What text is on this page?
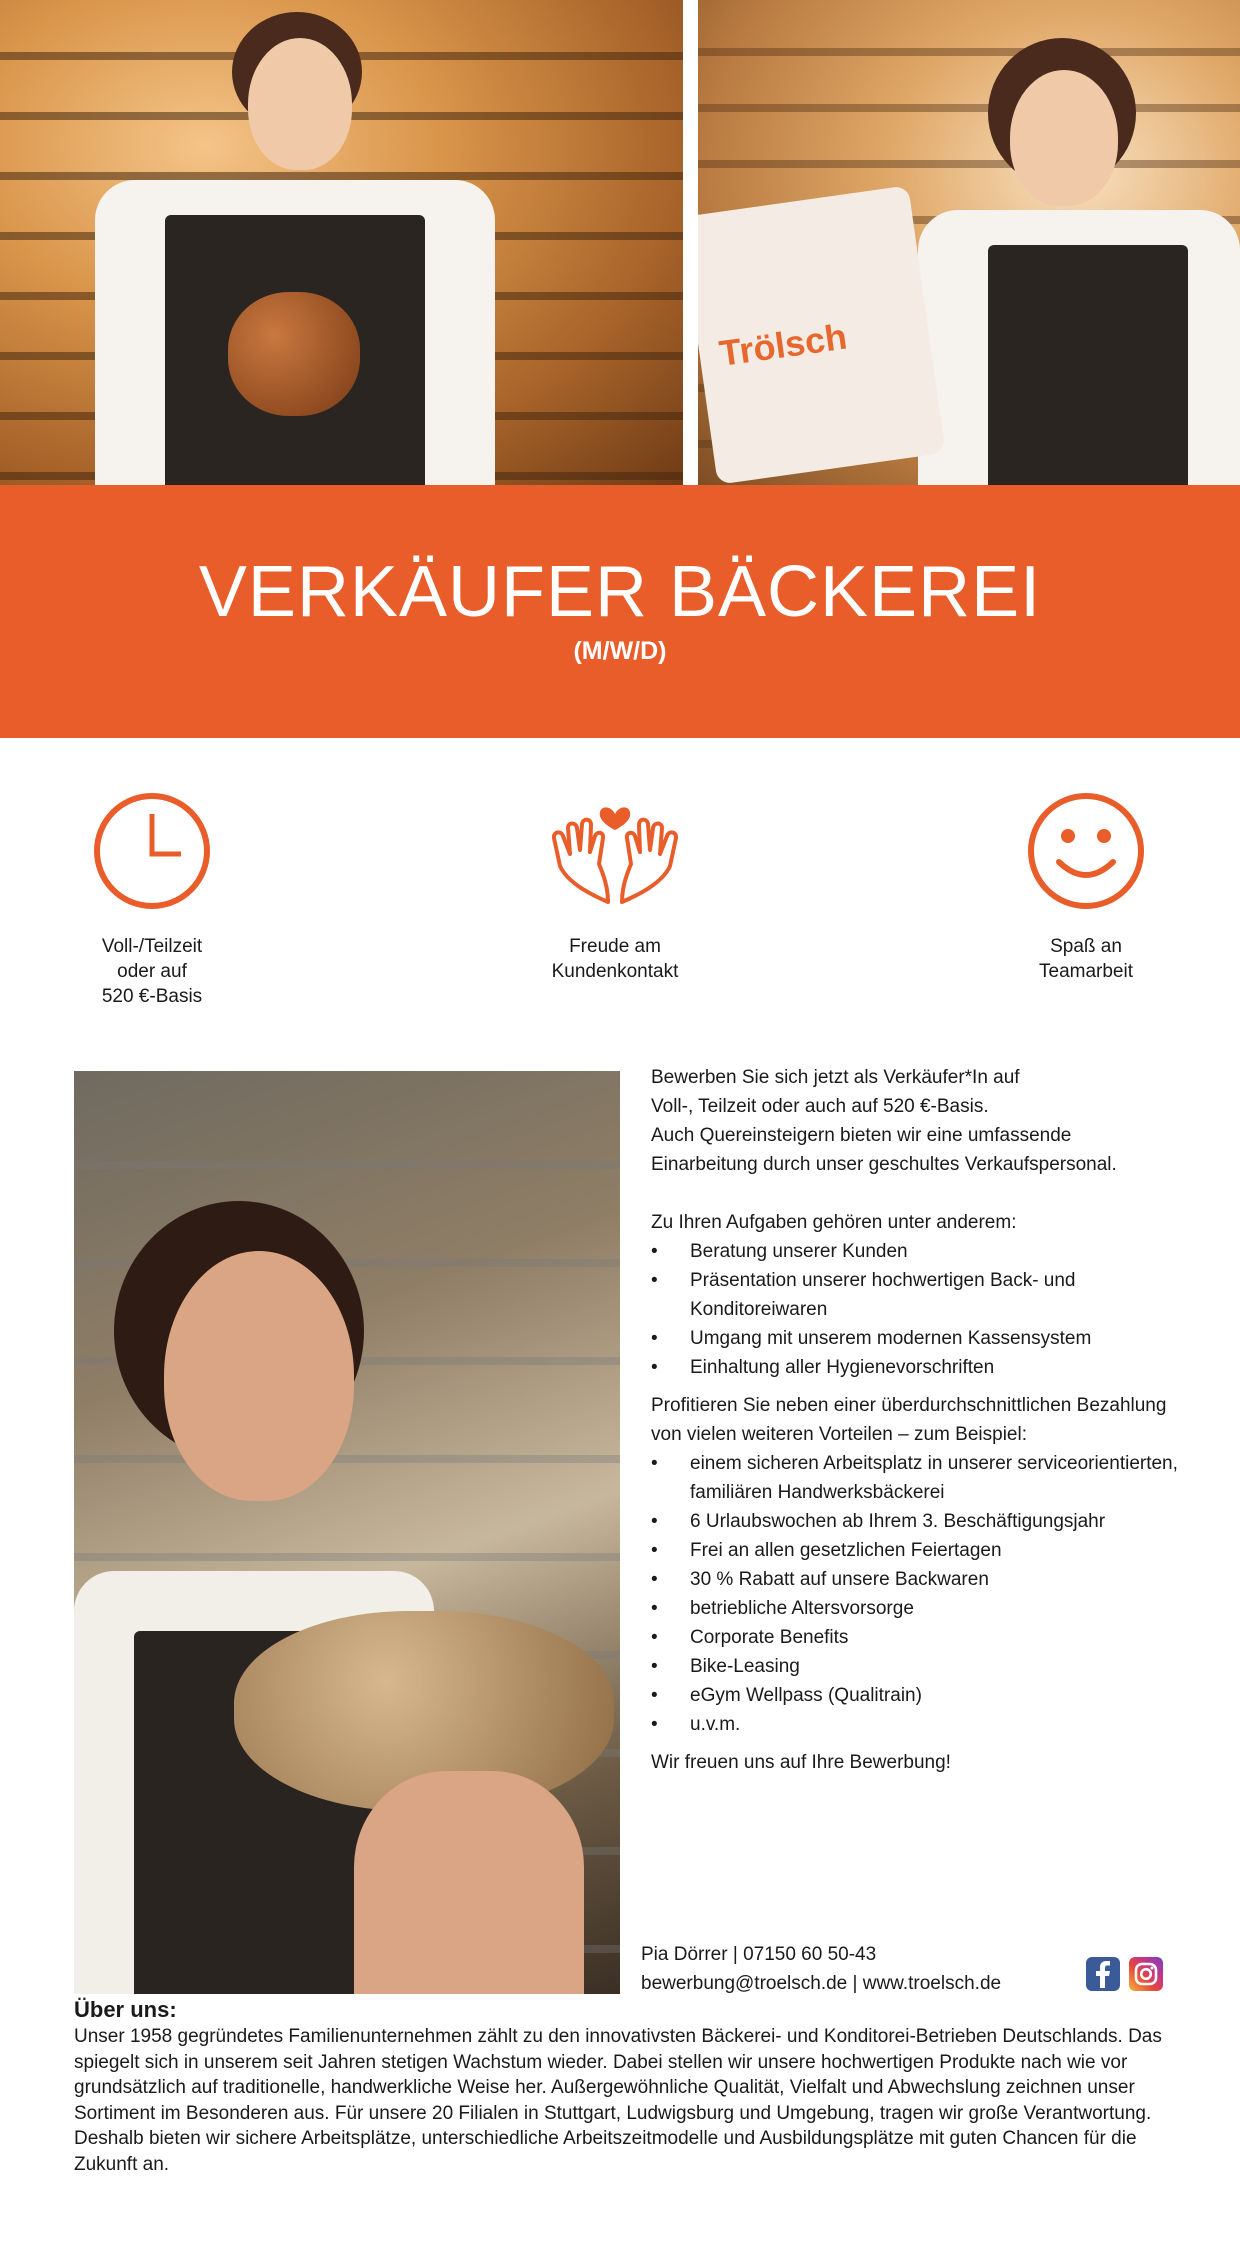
Trölsch
VERKÄUFER BÄCKEREI
(M/W/D)
Voll-/Teilzeit
oder auf
520 €-Basis
Freude am
Kundenkontakt
Spaß an
Teamarbeit

Bewerben Sie sich jetzt als Verkäufer*In auf

Voll-, Teilzeit oder auch auf 520 €-Basis.

Auch Quereinsteigern bieten wir eine umfassende

Einarbeitung durch unser geschultes Verkaufspersonal.

Zu Ihren Aufgaben gehören unter anderem:

• Beratung unserer Kunden
• Präsentation unserer hochwertigen Back- und Konditoreiwaren
• Umgang mit unserem modernen Kassensystem
• Einhaltung aller Hygienevorschriften

Profitieren Sie neben einer überdurchschnittlichen Bezahlung von vielen weiteren Vorteilen – zum Beispiel:

• einem sicheren Arbeitsplatz in unserer serviceorientierten, familiären Handwerksbäckerei
• 6 Urlaubswochen ab Ihrem 3. Beschäftigungsjahr
• Frei an allen gesetzlichen Feiertagen
• 30 % Rabatt auf unsere Backwaren
• betriebliche Altersvorsorge
• Corporate Benefits
• Bike-Leasing
• eGym Wellpass (Qualitrain)
• u.v.m.

Wir freuen uns auf Ihre Bewerbung!

Pia Dörrer | 07150 60 50-43
bewerbung@troelsch.de | www.troelsch.de
Über uns:
Unser 1958 gegründetes Familienunternehmen zählt zu den innovativsten Bäckerei- und Konditorei-Betrieben Deutschlands. Das spiegelt sich in unserem seit Jahren stetigen Wachstum wieder. Dabei stellen wir unsere hochwertigen Produkte nach wie vor grundsätzlich auf traditionelle, handwerkliche Weise her. Außergewöhnliche Qualität, Vielfalt und Abwechslung zeichnen unser Sortiment im Besonderen aus. Für unsere 20 Filialen in Stuttgart, Ludwigsburg und Umgebung, tragen wir große Verantwortung. Deshalb bieten wir sichere Arbeitsplätze, unterschiedliche Arbeitszeitmodelle und Ausbildungsplätze mit guten Chancen für die Zukunft an.
